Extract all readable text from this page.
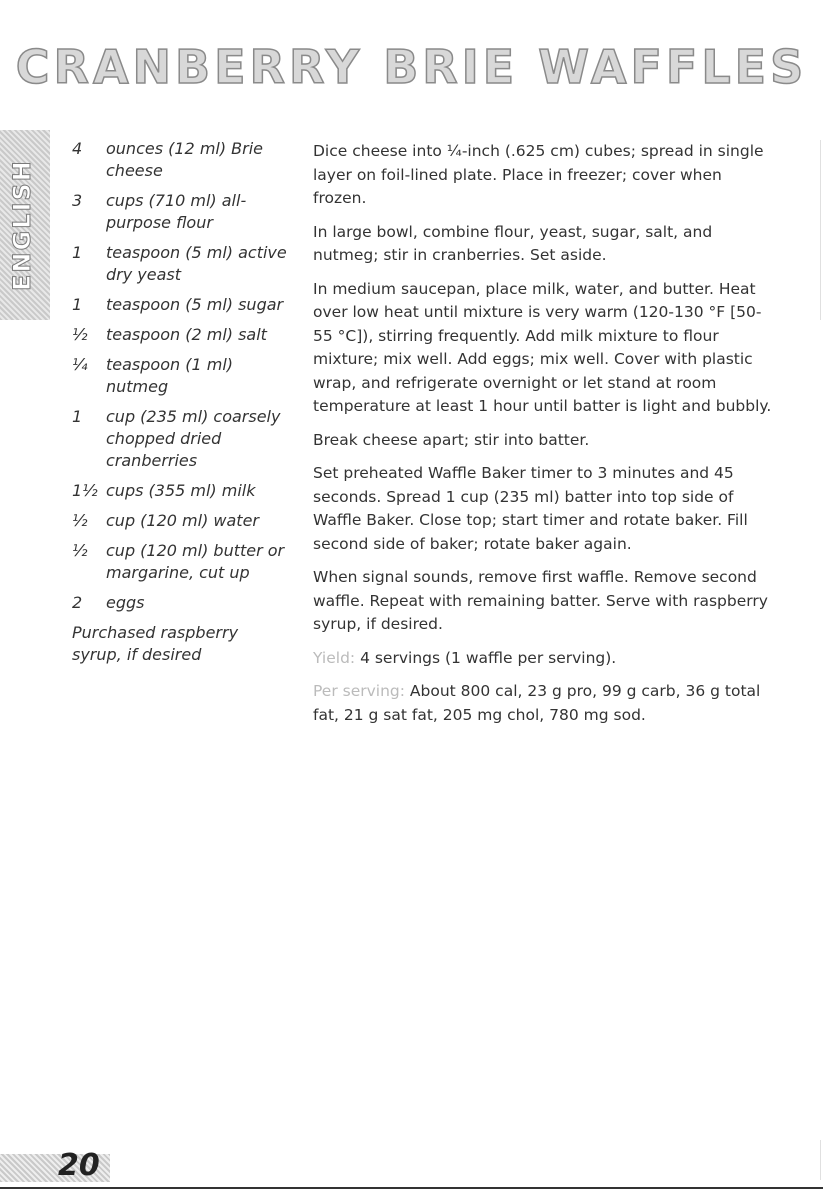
CRANBERRY BRIE WAFFLES
ENGLISH
4	ounces (12 ml) Brie cheese
3	cups (710 ml) all-purpose flour
1	teaspoon (5 ml) active dry yeast
1	teaspoon (5 ml) sugar
½	teaspoon (2 ml) salt
¼	teaspoon (1 ml) nutmeg
1	cup (235 ml) coarsely chopped dried cranberries
1½ cups (355 ml) milk
½	cup (120 ml) water
½	cup (120 ml) butter or margarine, cut up
2	eggs
Purchased raspberry syrup, if desired

Dice cheese into ¼-inch (.625 cm) cubes; spread in single layer on foil-lined plate. Place in freezer; cover when frozen.

In large bowl, combine flour, yeast, sugar, salt, and nutmeg; stir in cranberries. Set aside.

In medium saucepan, place milk, water, and butter. Heat over low heat until mixture is very warm (120-130 °F [50-55 °C]), stirring frequently. Add milk mixture to flour mixture; mix well. Add eggs; mix well. Cover with plastic wrap, and refrigerate overnight or let stand at room temperature at least 1 hour until batter is light and bubbly.

Break cheese apart; stir into batter.

Set preheated Waffle Baker timer to 3 minutes and 45 seconds. Spread 1 cup (235 ml) batter into top side of Waffle Baker. Close top; start timer and rotate baker. Fill second side of baker; rotate baker again.

When signal sounds, remove first waffle. Remove second waffle. Repeat with remaining batter. Serve with raspberry syrup, if desired.

Yield: 4 servings (1 waffle per serving).

Per serving: About 800 cal, 23 g pro, 99 g carb, 36 g total fat, 21 g sat fat, 205 mg chol, 780 mg sod.

20
